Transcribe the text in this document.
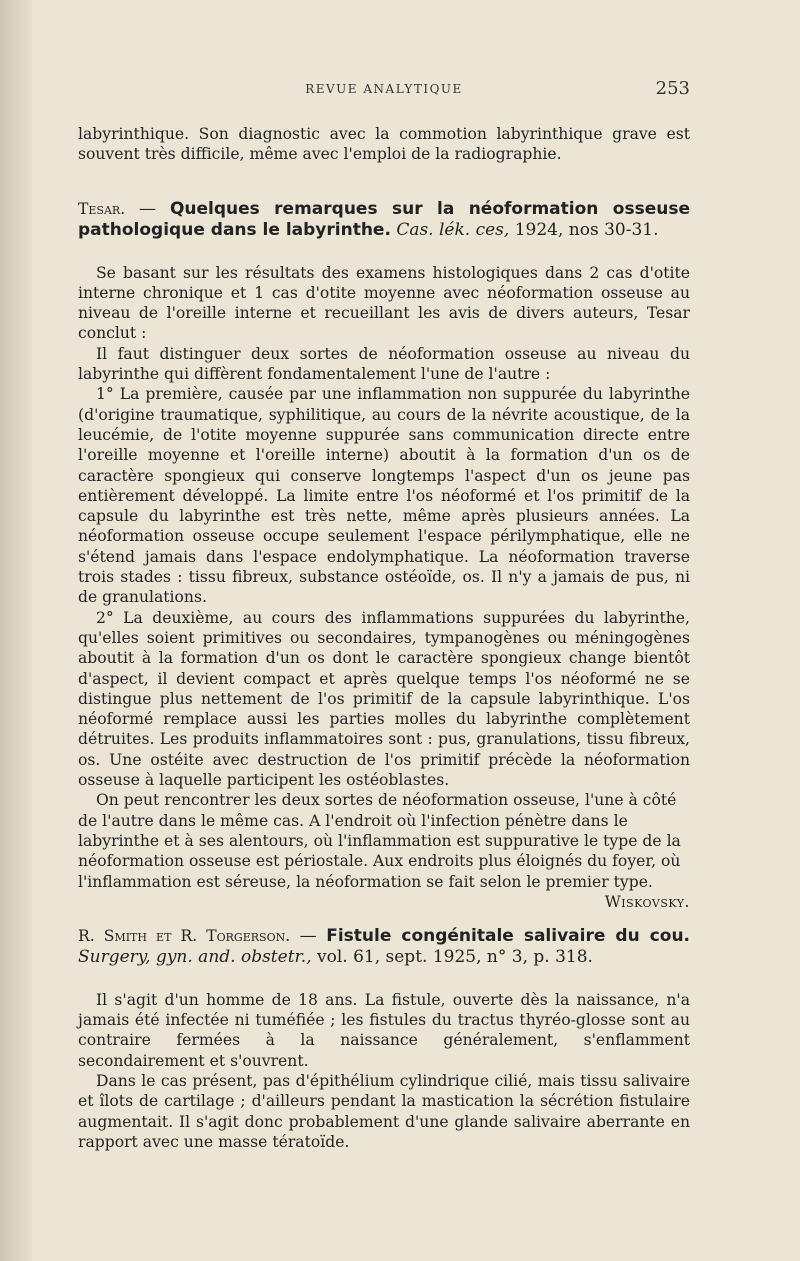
REVUE ANALYTIQUE	253

labyrinthique. Son diagnostic avec la commotion labyrinthique grave est souvent très difficile, même avec l'emploi de la radiographie.

Tesar. — Quelques remarques sur la néoformation osseuse pathologique dans le labyrinthe. Cas. lék. ces, 1924, nos 30-31.

Se basant sur les résultats des examens histologiques dans 2 cas d'otite interne chronique et 1 cas d'otite moyenne avec néoformation osseuse au niveau de l'oreille interne et recueillant les avis de divers auteurs, Tesar conclut :

Il faut distinguer deux sortes de néoformation osseuse au niveau du labyrinthe qui diffèrent fondamentalement l'une de l'autre :

1° La première, causée par une inflammation non suppurée du labyrinthe (d'origine traumatique, syphilitique, au cours de la névrite acoustique, de la leucémie, de l'otite moyenne suppurée sans communication directe entre l'oreille moyenne et l'oreille interne) aboutit à la formation d'un os de caractère spongieux qui conserve longtemps l'aspect d'un os jeune pas entièrement développé. La limite entre l'os néoformé et l'os primitif de la capsule du labyrinthe est très nette, même après plusieurs années. La néoformation osseuse occupe seulement l'espace périlymphatique, elle ne s'étend jamais dans l'espace endolymphatique. La néoformation traverse trois stades : tissu fibreux, substance ostéoïde, os. Il n'y a jamais de pus, ni de granulations.

2° La deuxième, au cours des inflammations suppurées du labyrinthe, qu'elles soient primitives ou secondaires, tympanogènes ou méningogènes aboutit à la formation d'un os dont le caractère spongieux change bientôt d'aspect, il devient compact et après quelque temps l'os néoformé ne se distingue plus nettement de l'os primitif de la capsule labyrinthique. L'os néoformé remplace aussi les parties molles du labyrinthe complètement détruites. Les produits inflammatoires sont : pus, granulations, tissu fibreux, os. Une ostéite avec destruction de l'os primitif précède la néoformation osseuse à laquelle participent les ostéoblastes.

On peut rencontrer les deux sortes de néoformation osseuse, l'une à côté de l'autre dans le même cas. A l'endroit où l'infection pénètre dans le labyrinthe et à ses alentours, où l'inflammation est suppurative le type de la néoformation osseuse est périostale. Aux endroits plus éloignés du foyer, où l'inflammation est séreuse, la néoformation se fait selon le premier type.
Wiskovsky.

R. Smith et R. Torgerson. — Fistule congénitale salivaire du cou. Surgery, gyn. and. obstetr., vol. 61, sept. 1925, n° 3, p. 318.

Il s'agit d'un homme de 18 ans. La fistule, ouverte dès la naissance, n'a jamais été infectée ni tuméfiée ; les fistules du tractus thyréo-glosse sont au contraire fermées à la naissance généralement, s'enflamment secondairement et s'ouvrent.

Dans le cas présent, pas d'épithélium cylindrique cilié, mais tissu salivaire et îlots de cartilage ; d'ailleurs pendant la mastication la sécrétion fistulaire augmentait. Il s'agit donc probablement d'une glande salivaire aberrante en rapport avec une masse tératoïde.
